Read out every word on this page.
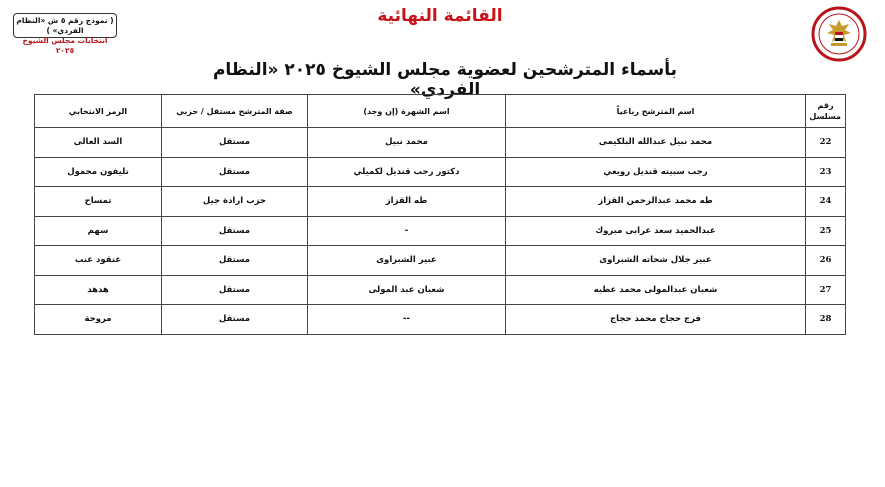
( نموذج رقم ٥ ش «النظام الفردي» )
انتخابات مجلس الشيوخ ٢٠٢٥
القائمة النهائية
بأسماء المترشحين لعضوية مجلس الشيوخ ٢٠٢٥ «النظام الفردي»
رقم مسلسل	اسم المترشح رباعياً	اسم الشهرة (إن وجد)	صفة المترشح مستقل / حزبي	الرمز الانتخابي
22	محمد نبيل عبدالله البلكيمى	محمد نبيل	مستقل	السد العالى
23	رجب سبيته قنديل رويعي	دكتور رجب قنديل لكميلي	مستقل	تليفون محمول
24	طه محمد عبدالرحمن القزاز	طه القزاز	حزب ارادة جيل	تمساح
25	عبدالحميد سعد عرابى مبروك	-	مستقل	سهم
26	عبير جلال شحاته الشبراوى	عبير الشبراوى	مستقل	عنقود عنب
27	شعبان عبدالمولى محمد عطيه	شعبان عبد المولى	مستقل	هدهد
28	فرج حجاج محمد حجاج	--	مستقل	مروحة
